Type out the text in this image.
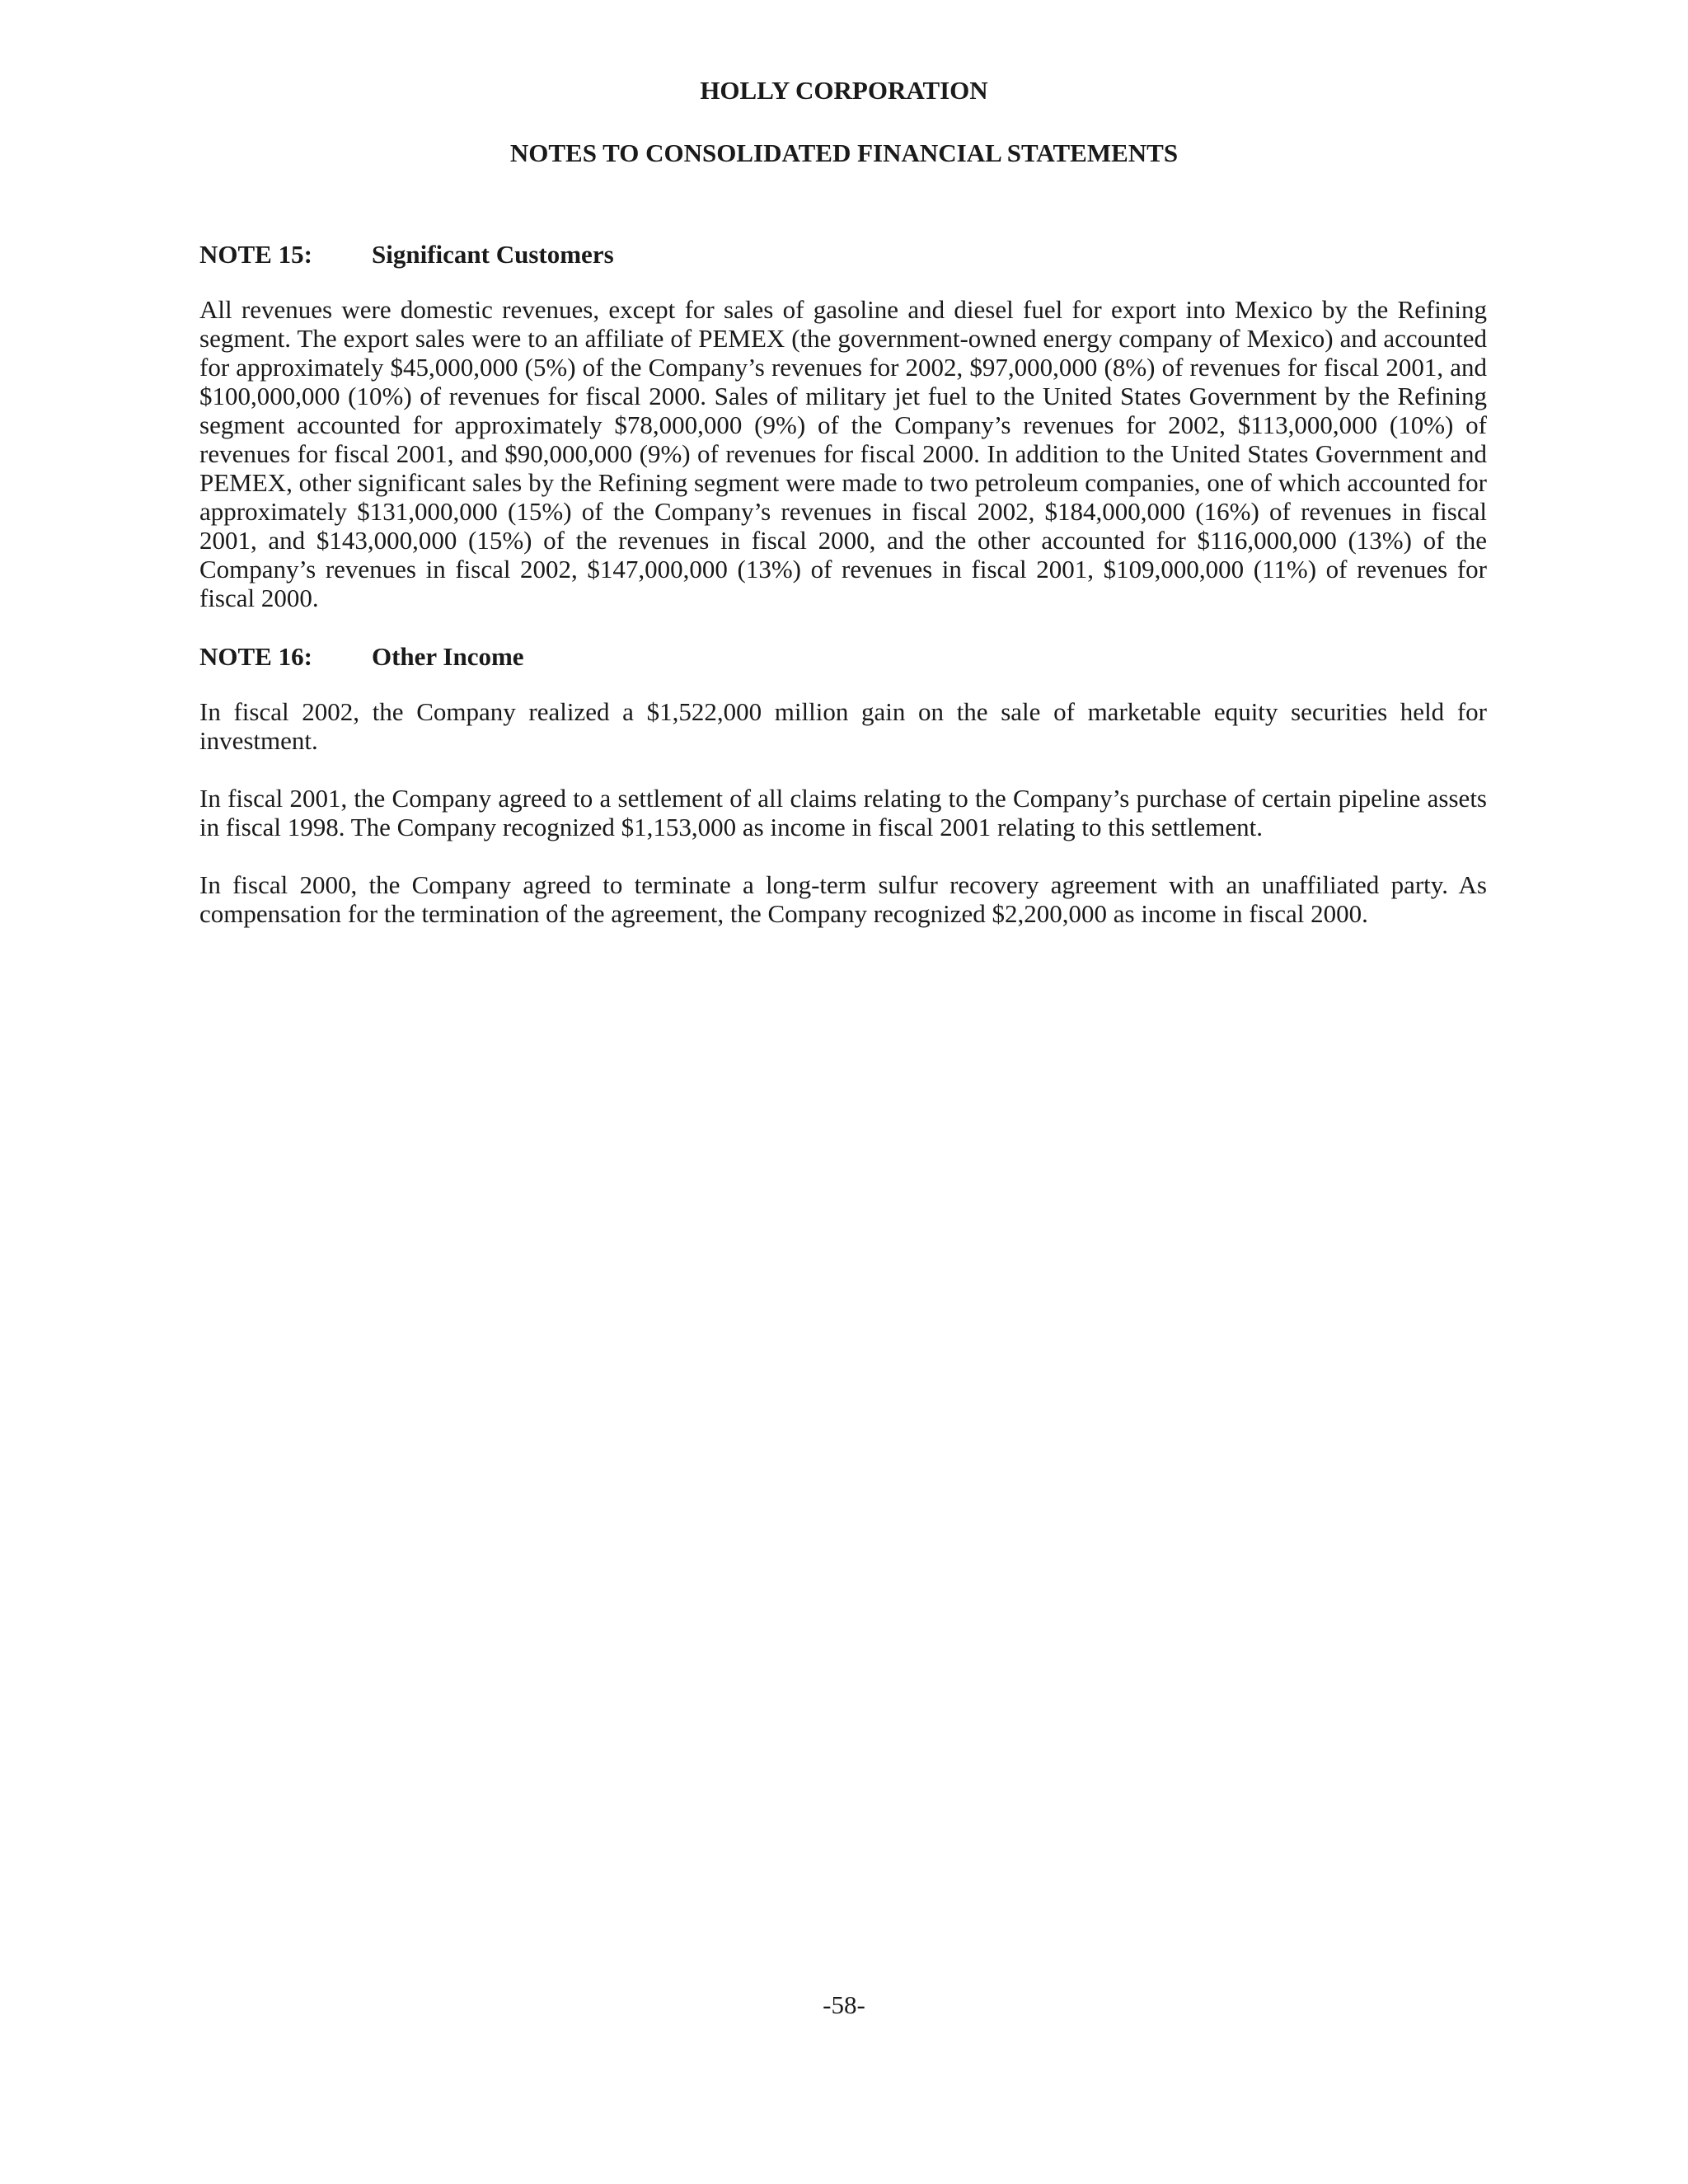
HOLLY CORPORATION
NOTES TO CONSOLIDATED FINANCIAL STATEMENTS
NOTE 15:	Significant Customers

All revenues were domestic revenues, except for sales of gasoline and diesel fuel for export into Mexico by the Refining segment. The export sales were to an affiliate of PEMEX (the government-owned energy company of Mexico) and accounted for approximately $45,000,000 (5%) of the Company’s revenues for 2002, $97,000,000 (8%) of revenues for fiscal 2001, and $100,000,000 (10%) of revenues for fiscal 2000. Sales of military jet fuel to the United States Government by the Refining segment accounted for approximately $78,000,000 (9%) of the Company’s revenues for 2002, $113,000,000 (10%) of revenues for fiscal 2001, and $90,000,000 (9%) of revenues for fiscal 2000. In addition to the United States Government and PEMEX, other significant sales by the Refining segment were made to two petroleum companies, one of which accounted for approximately $131,000,000 (15%) of the Company’s revenues in fiscal 2002, $184,000,000 (16%) of revenues in fiscal 2001, and $143,000,000 (15%) of the revenues in fiscal 2000, and the other accounted for $116,000,000 (13%) of the Company’s revenues in fiscal 2002, $147,000,000 (13%) of revenues in fiscal 2001, $109,000,000 (11%) of revenues for fiscal 2000.

NOTE 16:	Other Income

In fiscal 2002, the Company realized a $1,522,000 million gain on the sale of marketable equity securities held for investment.

In fiscal 2001, the Company agreed to a settlement of all claims relating to the Company’s purchase of certain pipeline assets in fiscal 1998. The Company recognized $1,153,000 as income in fiscal 2001 relating to this settlement.

In fiscal 2000, the Company agreed to terminate a long-term sulfur recovery agreement with an unaffiliated party. As compensation for the termination of the agreement, the Company recognized $2,200,000 as income in fiscal 2000.

-58-
